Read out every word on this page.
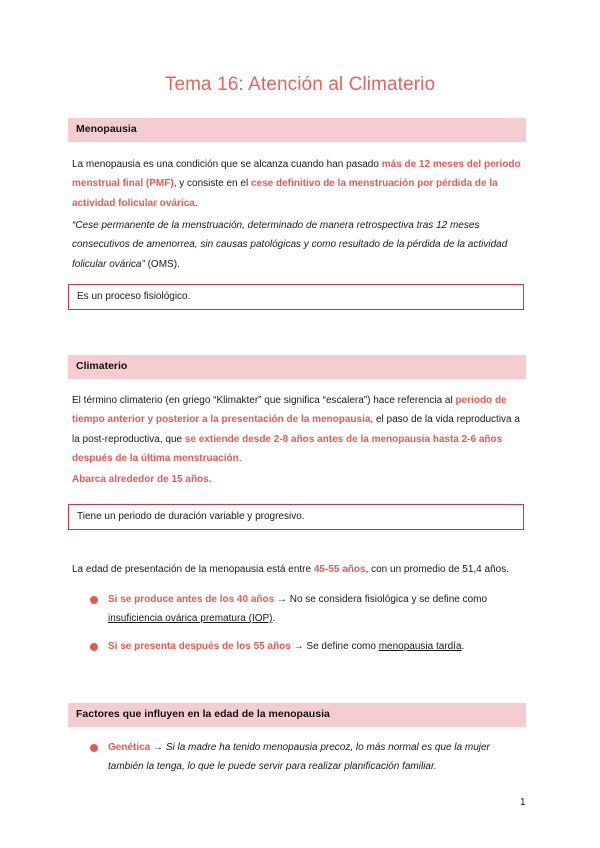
Tema 16: Atención al Climaterio
Menopausia
La menopausia es una condición que se alcanza cuando han pasado más de 12 meses del periodo menstrual final (PMF), y consiste en el cese definitivo de la menstruación por pérdida de la actividad folicular ovárica.
“Cese permanente de la menstruación, determinado de manera retrospectiva tras 12 meses consecutivos de amenorrea, sin causas patológicas y como resultado de la pérdida de la actividad folicular ovárica” (OMS).
Es un proceso fisiológico.
Climaterio
El término climaterio (en griego “Klimakter” que significa “escalera”) hace referencia al periodo de tiempo anterior y posterior a la presentación de la menopausia, el paso de la vida reproductiva a la post-reproductiva, que se extiende desde 2-8 años antes de la menopausia hasta 2-6 años después de la última menstruación.
Abarca alrededor de 15 años.
Tiene un periodo de duración variable y progresivo.
La edad de presentación de la menopausia está entre 45-55 años, con un promedio de 51,4 años.
Si se produce antes de los 40 años → No se considera fisiológica y se define como insuficiencia ovárica prematura (IOP).
Si se presenta después de los 55 años → Se define como menopausia tardía.
Factores que influyen en la edad de la menopausia
Genética → Si la madre ha tenido menopausia precoz, lo más normal es que la mujer también la tenga, lo que le puede servir para realizar planificación familiar.
1
